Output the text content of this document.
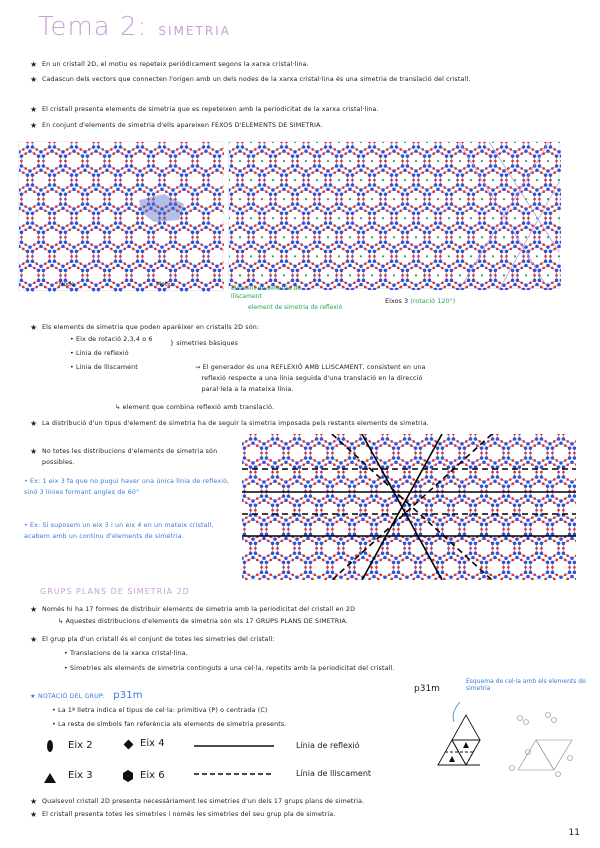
Tema 2: SIMETRIA
★ En un cristall 2D, el motiu es repeteix periòdicament segons la xarxa cristal·lina.
★ Cadascun dels vectors que connecten l'origen amb un dels nodes de la xarxa cristal·lina és una simetria de translació del cristall.
★ El cristall presenta elements de simetria que es repeteixen amb la periodicitat de la xarxa cristal·lina.
★ En conjunt d'elements de simetria d'ells apareixen FEXOS D'ELEMENTS DE SIMETRIA.
Node	Motiu
Element de simetria de lliscament
element de simetria de reflexió
Eixos 3 (rotació 120°)
★ Els elements de simetria que poden aparèixer en cristalls 2D són:
• Eix de rotació 2,3,4 o 6
• Línia de reflexió
• Línia de lliscament
} simetries bàsiques
→ El generador és una REFLEXIÓ AMB LLISCAMENT, consistent en una
reflexió respecte a una línia seguida d'una translació en la direcció
paral·lela a la mateixa línia.
↳ element que combina reflexió amb translació.
★ La distribució d'un tipus d'element de simetria ha de seguir la simetria imposada pels restants elements de simetria.
★ No totes les distribucions d'elements de simetria són possibles.
• Ex: 1 eix 3 fa que no pugui haver una única línia de reflexió, sinó 3 línies formant angles de 60°
• Ex: Si suposem un eix 3 i un eix 4 en un mateix cristall, acabem amb un continu d'elements de simetria.
GRUPS PLANS DE SIMETRIA 2D
★ Només hi ha 17 formes de distribuir elements de simetria amb la periodicitat del cristall en 2D
↳ Aquestes distribucions d'elements de simetria són els 17 GRUPS PLANS DE SIMETRIA.
★ El grup pla d'un cristall és el conjunt de totes les simetries del cristall:
• Translacions de la xarxa cristal·lina.
• Simetries als elements de simetria continguts a una cel·la, repetits amb la periodicitat del cristall.
★ NOTACIÓ DEL GRUP: p31m
• La 1ª lletra indica el tipus de cel·la: primitiva (P) o centrada (C)
• La resta de símbols fan referència als elements de simetria presents.
Eix 2
Eix 3
Eix 4
Eix 6
Línia de reflexió
Línia de lliscament
p31m
Esquema de cel·la amb els elements de simetria
★ Qualsevol cristall 2D presenta necessàriament les simetries d'un dels 17 grups plans de simetria.
★ El cristall presenta totes les simetries i només les simetries del seu grup pla de simetria.
11
